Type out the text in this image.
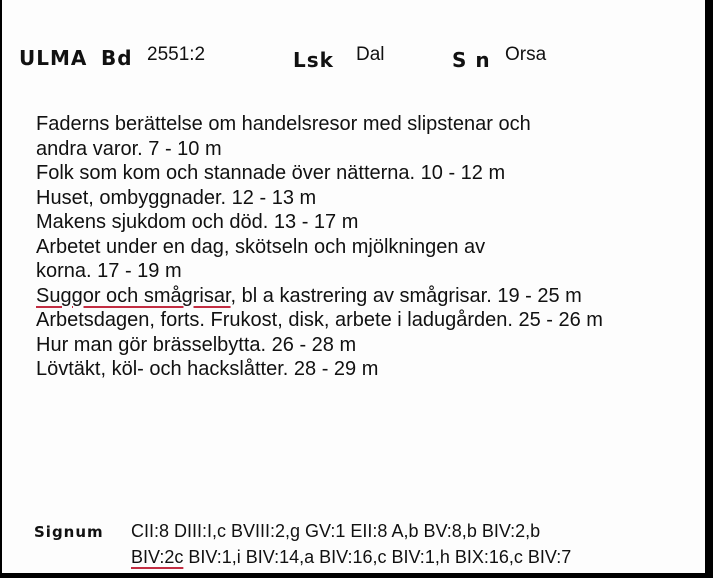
ULMA Bd 2551:2	Lsk Dal	S n Orsa
Faderns berättelse om handelsresor med slipstenar och
andra varor. 7 - 10 m
Folk som kom och stannade över nätterna. 10 - 12 m
Huset, ombyggnader. 12 - 13 m
Makens sjukdom och död. 13 - 17 m
Arbetet under en dag, skötseln och mjölkningen av
korna. 17 - 19 m
Suggor och smågrisar, bl a kastrering av smågrisar. 19 - 25 m
Arbetsdagen, forts. Frukost, disk, arbete i ladugården. 25 - 26 m
Hur man gör brässelbytta. 26 - 28 m
Lövtäkt, köl- och hackslåtter. 28 - 29 m
Signum CII:8 DIII:I,c BVIII:2,g GV:1 EII:8 A,b BV:8,b BIV:2,b
BIV:2c BIV:1,i BIV:14,a BIV:16,c BIV:1,h BIX:16,c BIV:7
